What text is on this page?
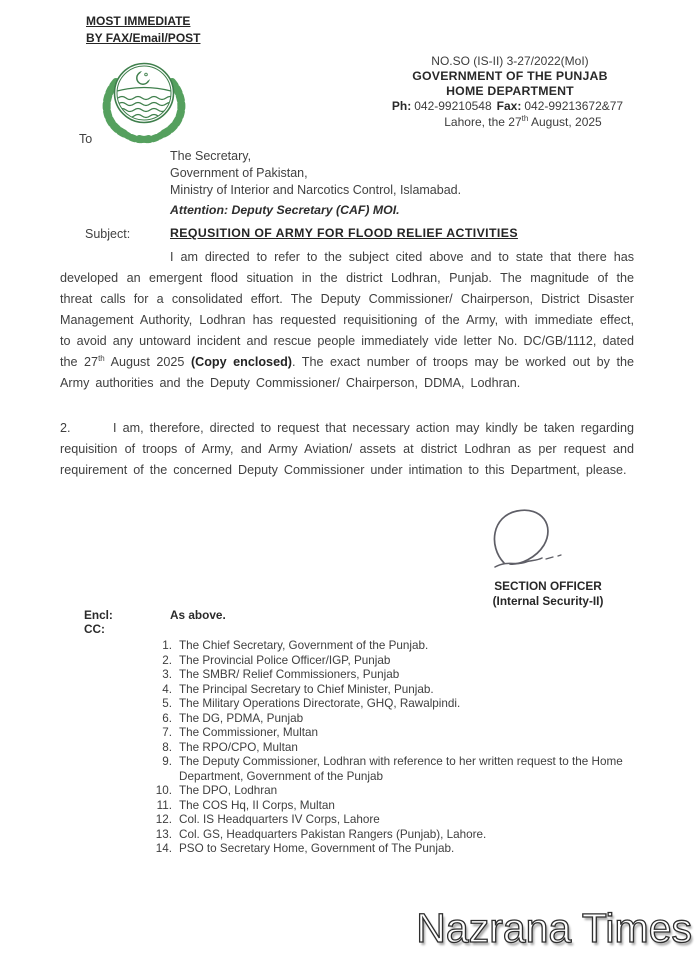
MOST IMMEDIATE
BY FAX/Email/POST
NO.SO (IS-II) 3-27/2022(MoI)
GOVERNMENT OF THE PUNJAB
HOME DEPARTMENT
Ph: 042-99210548 Fax: 042-99213672&77
Lahore, the 27th August, 2025
To
The Secretary,
Government of Pakistan,
Ministry of Interior and Narcotics Control, Islamabad.
Attention: Deputy Secretary (CAF) MOI.
Subject:	REQUSITION OF ARMY FOR FLOOD RELIEF ACTIVITIES

I am directed to refer to the subject cited above and to state that there has developed an emergent flood situation in the district Lodhran, Punjab. The magnitude of the threat calls for a consolidated effort. The Deputy Commissioner/ Chairperson, District Disaster Management Authority, Lodhran has requested requisitioning of the Army, with immediate effect, to avoid any untoward incident and rescue people immediately vide letter No. DC/GB/1112, dated the 27th August 2025 (Copy enclosed). The exact number of troops may be worked out by the Army authorities and the Deputy Commissioner/ Chairperson, DDMA, Lodhran.

2.	I am, therefore, directed to request that necessary action may kindly be taken regarding requisition of troops of Army, and Army Aviation/ assets at district Lodhran as per request and requirement of the concerned Deputy Commissioner under intimation to this Department, please.

SECTION OFFICER
(Internal Security-II)
Encl:	As above.
CC:
1. The Chief Secretary, Government of the Punjab.
2. The Provincial Police Officer/IGP, Punjab
3. The SMBR/ Relief Commissioners, Punjab
4. The Principal Secretary to Chief Minister, Punjab.
5. The Military Operations Directorate, GHQ, Rawalpindi.
6. The DG, PDMA, Punjab
7. The Commissioner, Multan
8. The RPO/CPO, Multan
9. The Deputy Commissioner, Lodhran with reference to her written request to the Home Department, Government of the Punjab
10. The DPO, Lodhran
11. The COS Hq, II Corps, Multan
12. Col. IS Headquarters IV Corps, Lahore
13. Col. GS, Headquarters Pakistan Rangers (Punjab), Lahore.
14. PSO to Secretary Home, Government of The Punjab.
Nazrana Times
